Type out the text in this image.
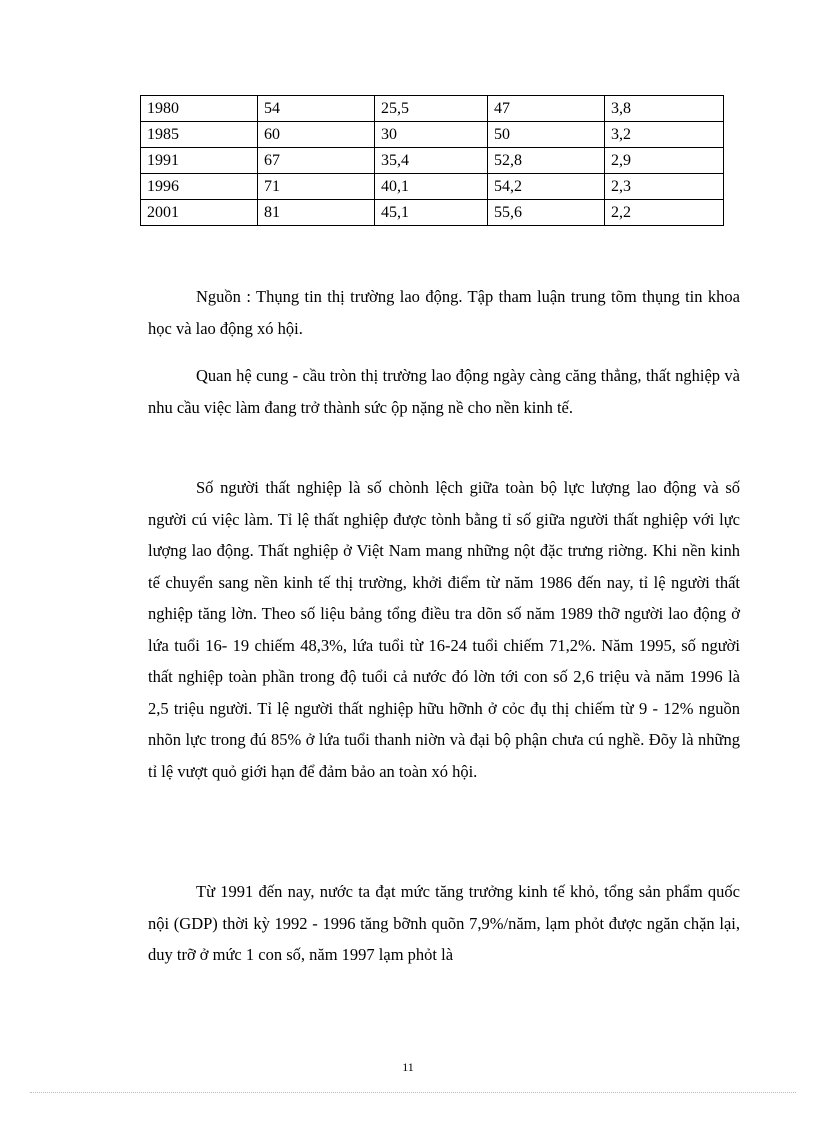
1980	54	25,5	47	3,8
1985	60	30	50	3,2
1991	67	35,4	52,8	2,9
1996	71	40,1	54,2	2,3
2001	81	45,1	55,6	2,2

Nguồn : Thụng tin thị trường lao động. Tập tham luận trung tõm thụng tin khoa học và lao động xó hội.

Quan hệ cung - cầu tròn thị trường lao động ngày càng căng thẳng, thất nghiệp và nhu cầu việc làm đang trở thành sức ộp nặng nề cho nền kinh tế.

Số người thất nghiệp là số chònh lệch giữa toàn bộ lực lượng lao động và số người cú việc làm. Tỉ lệ thất nghiệp được tònh bằng tỉ số giữa người thất nghiệp với lực lượng lao động. Thất nghiệp ở Việt Nam mang những nột đặc trưng riờng. Khi nền kinh tế chuyển sang nền kinh tế thị trường, khởi điểm từ năm 1986 đến nay, tỉ lệ người thất nghiệp tăng lờn. Theo số liệu bảng tổng điều tra dõn số năm 1989 thỡ người lao động ở lứa tuổi 16- 19 chiếm 48,3%, lứa tuổi từ 16-24 tuổi chiếm 71,2%. Năm 1995, số người thất nghiệp toàn phần trong độ tuổi cả nước đó lờn tới con số 2,6 triệu và năm 1996 là 2,5 triệu người. Tỉ lệ người thất nghiệp hữu hỡnh ở cỏc đụ thị chiếm từ 9 - 12% nguồn nhõn lực trong đú 85% ở lứa tuổi thanh niờn và đại bộ phận chưa cú nghề. Đõy là những tỉ lệ vượt quỏ giới hạn để đảm bảo an toàn xó hội.

Từ 1991 đến nay, nước ta đạt mức tăng trưởng kinh tế khỏ, tổng sản phẩm quốc nội (GDP) thời kỳ 1992 - 1996 tăng bỡnh quõn 7,9%/năm, lạm phỏt được ngăn chặn lại, duy trỡ ở mức 1 con số, năm 1997 lạm phỏt là

11
